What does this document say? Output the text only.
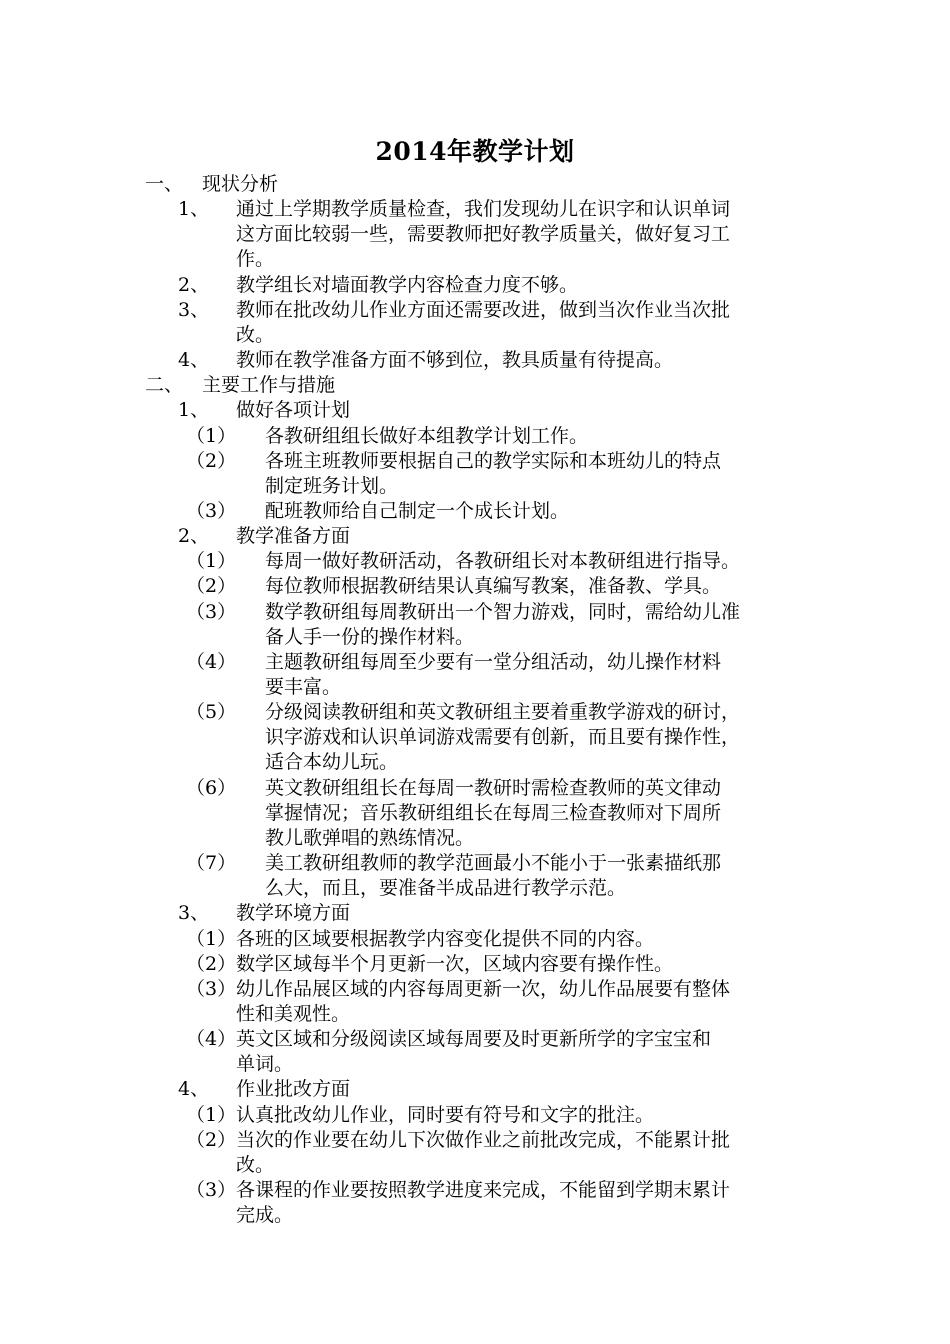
2014年教学计划
一、 现状分析
1、 通过上学期教学质量检查，我们发现幼儿在识字和认识单词
这方面比较弱一些，需要教师把好教学质量关，做好复习工
作。
2、 教学组长对墙面教学内容检查力度不够。
3、 教师在批改幼儿作业方面还需要改进，做到当次作业当次批
改。
4、 教师在教学准备方面不够到位，教具质量有待提高。
二、 主要工作与措施
1、 做好各项计划
（1） 各教研组组长做好本组教学计划工作。
（2） 各班主班教师要根据自己的教学实际和本班幼儿的特点
制定班务计划。
（3） 配班教师给自己制定一个成长计划。
2、 教学准备方面
（1） 每周一做好教研活动，各教研组长对本教研组进行指导。
（2） 每位教师根据教研结果认真编写教案，准备教、学具。
（3） 数学教研组每周教研出一个智力游戏，同时，需给幼儿准
备人手一份的操作材料。
（4） 主题教研组每周至少要有一堂分组活动，幼儿操作材料
要丰富。
（5） 分级阅读教研组和英文教研组主要着重教学游戏的研讨，
识字游戏和认识单词游戏需要有创新，而且要有操作性，
适合本幼儿玩。
（6） 英文教研组组长在每周一教研时需检查教师的英文律动
掌握情况；音乐教研组组长在每周三检查教师对下周所
教儿歌弹唱的熟练情况。
（7） 美工教研组教师的教学范画最小不能小于一张素描纸那
么大，而且，要准备半成品进行教学示范。
3、 教学环境方面
（1） 各班的区域要根据教学内容变化提供不同的内容。
（2） 数学区域每半个月更新一次，区域内容要有操作性。
（3） 幼儿作品展区域的内容每周更新一次，幼儿作品展要有整体
性和美观性。
（4） 英文区域和分级阅读区域每周要及时更新所学的字宝宝和
单词。
4、 作业批改方面
（1） 认真批改幼儿作业，同时要有符号和文字的批注。
（2） 当次的作业要在幼儿下次做作业之前批改完成，不能累计批
改。
（3） 各课程的作业要按照教学进度来完成，不能留到学期末累计
完成。
